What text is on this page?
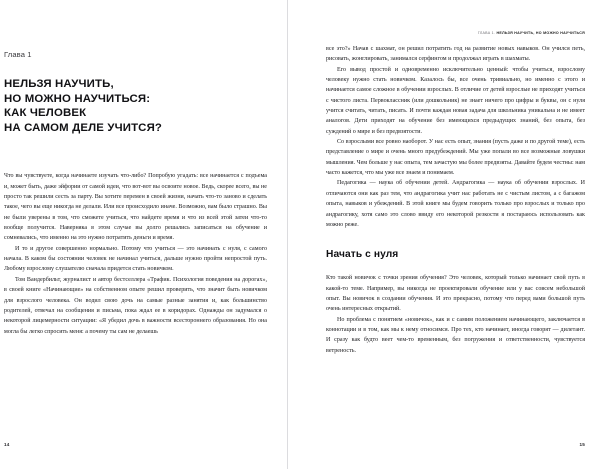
Глава 1
НЕЛЬЗЯ НАУЧИТЬ,
НО МОЖНО НАУЧИТЬСЯ:
КАК ЧЕЛОВЕК
НА САМОМ ДЕЛЕ УЧИТСЯ?

Что вы чувствуете, когда начинаете изучать что-либо? Попробую угадать: все начинается с подъема и, может быть, даже эйфории от самой идеи, что вот-вот вы освоите новое. Ведь, скорее всего, вы не просто так решили сесть за парту. Вы хотите перемен в своей жизни, начать что-то заново и сделать такое, чего вы еще никогда не делали. Или все происходило иначе. Возможно, вам было страшно. Вы не были уверены в том, что сможете учиться, что найдете время и что из всей этой затеи что-то вообще получится. Наверняка в этом случае вы долго решались записаться на обучение и сомневались, что именно на это нужно потратить деньги и время.

И то и другое совершенно нормально. Потому что учиться — это начинать с нуля, с самого начала. В каком бы состоянии человек не начинал учиться, дальше нужно пройти непростой путь. Любому взрослому слушателю сначала придется стать новичком.

Том Вандербильт, журналист и автор бестселлера «Трафик. Психология поведения на дорогах», в своей книге «Начинающие» на собственном опыте решил проверить, что значит быть новичком для взрослого человека. Он водил свою дочь на самые разные занятия и, как большинство родителей, отвечал на сообщения и письма, пока ждал ее в коридорах. Однажды он задумался о некоторой лицемерности ситуации: «Я убедил дочь в важности всестороннего образования. Но она могла бы легко спросить меня: а почему ты сам не делаешь

14
ГЛАВА 1. НЕЛЬЗЯ НАУЧИТЬ, НО МОЖНО НАУЧИТЬСЯ

все это?» Начав с шахмат, он решил потратить год на развитие новых навыков. Он учился петь, рисовать, жонглировать, занимался серфингом и продолжал играть в шахматы.

Его вывод простой и одновременно исключительно ценный: чтобы учиться, взрослому человеку нужно стать новичком. Казалось бы, все очень тривиально, но именно с этого и начинается самое сложное в обучении взрослых. В отличие от детей взрослые не приходят учиться с чистого листа. Первоклассник (или дошкольник) не знает ничего про цифры и буквы, он с нуля учится считать, читать, писать. И почти каждая новая задача для школьника уникальна и не имеет аналогов. Дети приходят на обучение без имеющихся предыдущих знаний, без опыта, без суждений о мире и без предвзятости.

Со взрослыми все ровно наоборот. У нас есть опыт, знания (пусть даже и по другой теме), есть представление о мире и очень много предубеждений. Мы уже попали во все возможные ловушки мышления. Чем больше у нас опыта, тем зачастую мы более предвзяты. Давайте будем честны: нам часто кажется, что мы уже все знаем и понимаем.

Педагогика — наука об обучении детей. Андрагогика — наука об обучении взрослых. И отличаются они как раз тем, что андрагогика учит нас работать не с чистым листом, а с багажом опыта, навыков и убеждений. В этой книге мы будем говорить только про взрослых и только про андрагогику, хотя само это слово ввиду его некоторой резкости я постараюсь использовать как можно реже.

Начать с нуля

Кто такой новичок с точки зрения обучения? Это человек, который только начинает свой путь в какой-то теме. Например, вы никогда не проектировали обучение или у вас совсем небольшой опыт. Вы новичок в создании обучения. И это прекрасно, потому что перед вами большой путь очень интересных открытий.

Но проблема с понятием «новичок», как и с самим положением начинающего, заключается в коннотации и в том, как мы к нему относимся. Про тех, кто начинает, иногда говорят — дилетант. И сразу как будто веет чем-то временным, без погружения и ответственности, чувствуется ветреность.

15
